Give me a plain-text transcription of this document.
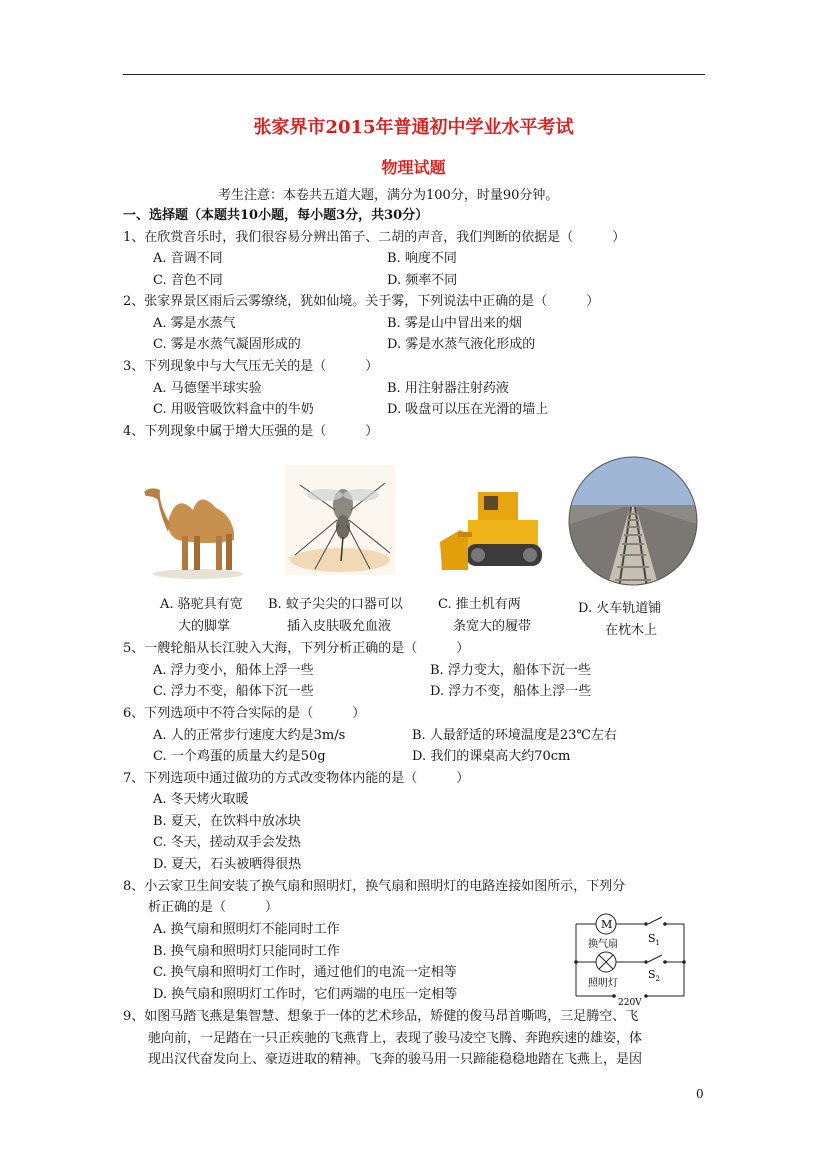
张家界市2015年普通初中学业水平考试
物理试题
考生注意：本卷共五道大题，满分为100分，时量90分钟。
一、选择题（本题共10小题，每小题3分，共30分）
1、在欣赏音乐时，我们很容易分辨出笛子、二胡的声音，我们判断的依据是（　　　）
A. 音调不同	B. 响度不同
C. 音色不同	D. 频率不同
2、张家界景区雨后云雾缭绕，犹如仙境。关于雾，下列说法中正确的是（　　　）
A. 雾是水蒸气	B. 雾是山中冒出来的烟
C. 雾是水蒸气凝固形成的	D. 雾是水蒸气液化形成的
3、下列现象中与大气压无关的是（　　　）
A. 马德堡半球实验	B. 用注射器注射药液
C. 用吸管吸饮料盒中的牛奶	D. 吸盘可以压在光滑的墙上
4、下列现象中属于增大压强的是（　　　）
A. 骆驼具有宽
大的脚掌
B. 蚊子尖尖的口器可以
插入皮肤吸允血液
C. 推土机有两
条宽大的履带
D. 火车轨道铺
在枕木上
5、一艘轮船从长江驶入大海，下列分析正确的是（　　　）
A. 浮力变小，船体上浮一些	B. 浮力变大，船体下沉一些
C. 浮力不变，船体下沉一些	D. 浮力不变，船体上浮一些
6、下列选项中不符合实际的是（　　　）
A. 人的正常步行速度大约是3m/s	B. 人最舒适的环境温度是23℃左右
C. 一个鸡蛋的质量大约是50g	D. 我们的课桌高大约70cm
7、下列选项中通过做功的方式改变物体内能的是（　　　）
A. 冬天烤火取暖
B. 夏天，在饮料中放冰块
C. 冬天，搓动双手会发热
D. 夏天，石头被晒得很热
8、小云家卫生间安装了换气扇和照明灯，换气扇和照明灯的电路连接如图所示，下列分
析正确的是（　　　）
A. 换气扇和照明灯不能同时工作
B. 换气扇和照明灯只能同时工作
C. 换气扇和照明灯工作时，通过他们的电流一定相等
D. 换气扇和照明灯工作时，它们两端的电压一定相等
M
换气扇
照明灯
$S_1$
$S_2$
220V
9、如图马踏飞燕是集智慧、想象于一体的艺术珍品，矫健的俊马昂首嘶鸣，三足腾空、飞
驰向前，一足踏在一只正疾驰的飞燕背上，表现了骏马凌空飞腾、奔跑疾速的雄姿，体
现出汉代奋发向上、豪迈进取的精神。飞奔的骏马用一只蹄能稳稳地踏在飞燕上，是因
0
